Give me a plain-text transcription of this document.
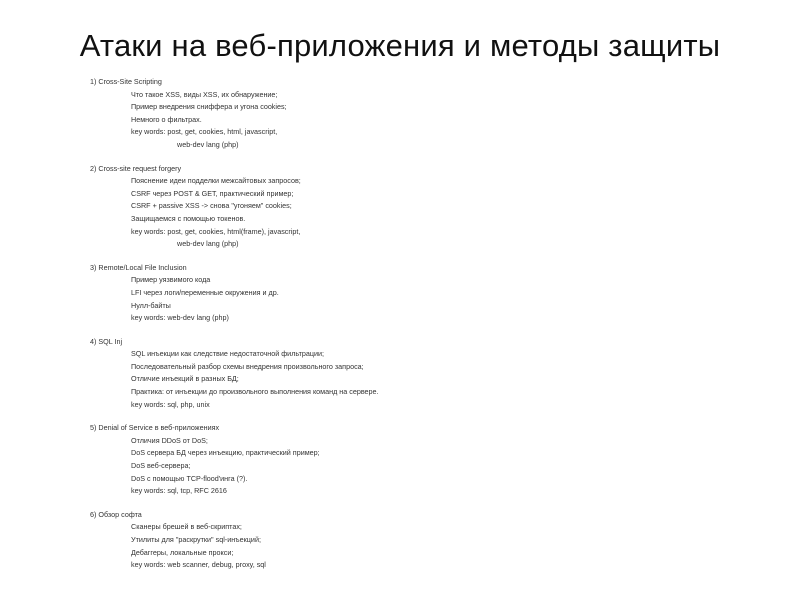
Атаки на веб-приложения и методы защиты

1) Cross-Site Scripting

Что такое XSS, виды XSS, их обнаружение;

Пример внедрения сниффера и угона cookies;

Немного о фильтрах.

key words: post, get, cookies, html, javascript,

web-dev lang (php)

2) Cross-site request forgery

Пояснение идеи подделки межсайтовых запросов;

CSRF через POST & GET, практический пример;

CSRF + passive XSS -> снова "угоняем" cookies;

Защищаемся с помощью токенов.

key words: post, get, cookies, html(frame), javascript,

web-dev lang (php)

3) Remote/Local File Inclusion

Пример уязвимого кода

LFI через логи/переменные окружения и др.

Нулл-байты

key words: web-dev lang (php)

4) SQL Inj

SQL инъекции как следствие недостаточной фильтрации;

Последовательный разбор схемы внедрения произвольного запроса;

Отличие инъекций в разных БД;

Практика: от инъекции до произвольного выполнения команд на сервере.

key words: sql, php, unix

5) Denial of Service в веб-приложениях

Отличия DDoS от DoS;

DoS сервера БД через инъекцию, практический пример;

DoS веб-сервера;

DoS с помощью TCP-flood'инга (?).

key words: sql, tcp, RFC 2616

6) Обзор софта

Сканеры брешей в веб-скриптах;

Утилиты для "раскрутки" sql-инъекций;

Дебаггеры, локальные прокси;

key words: web scanner, debug, proxy, sql
